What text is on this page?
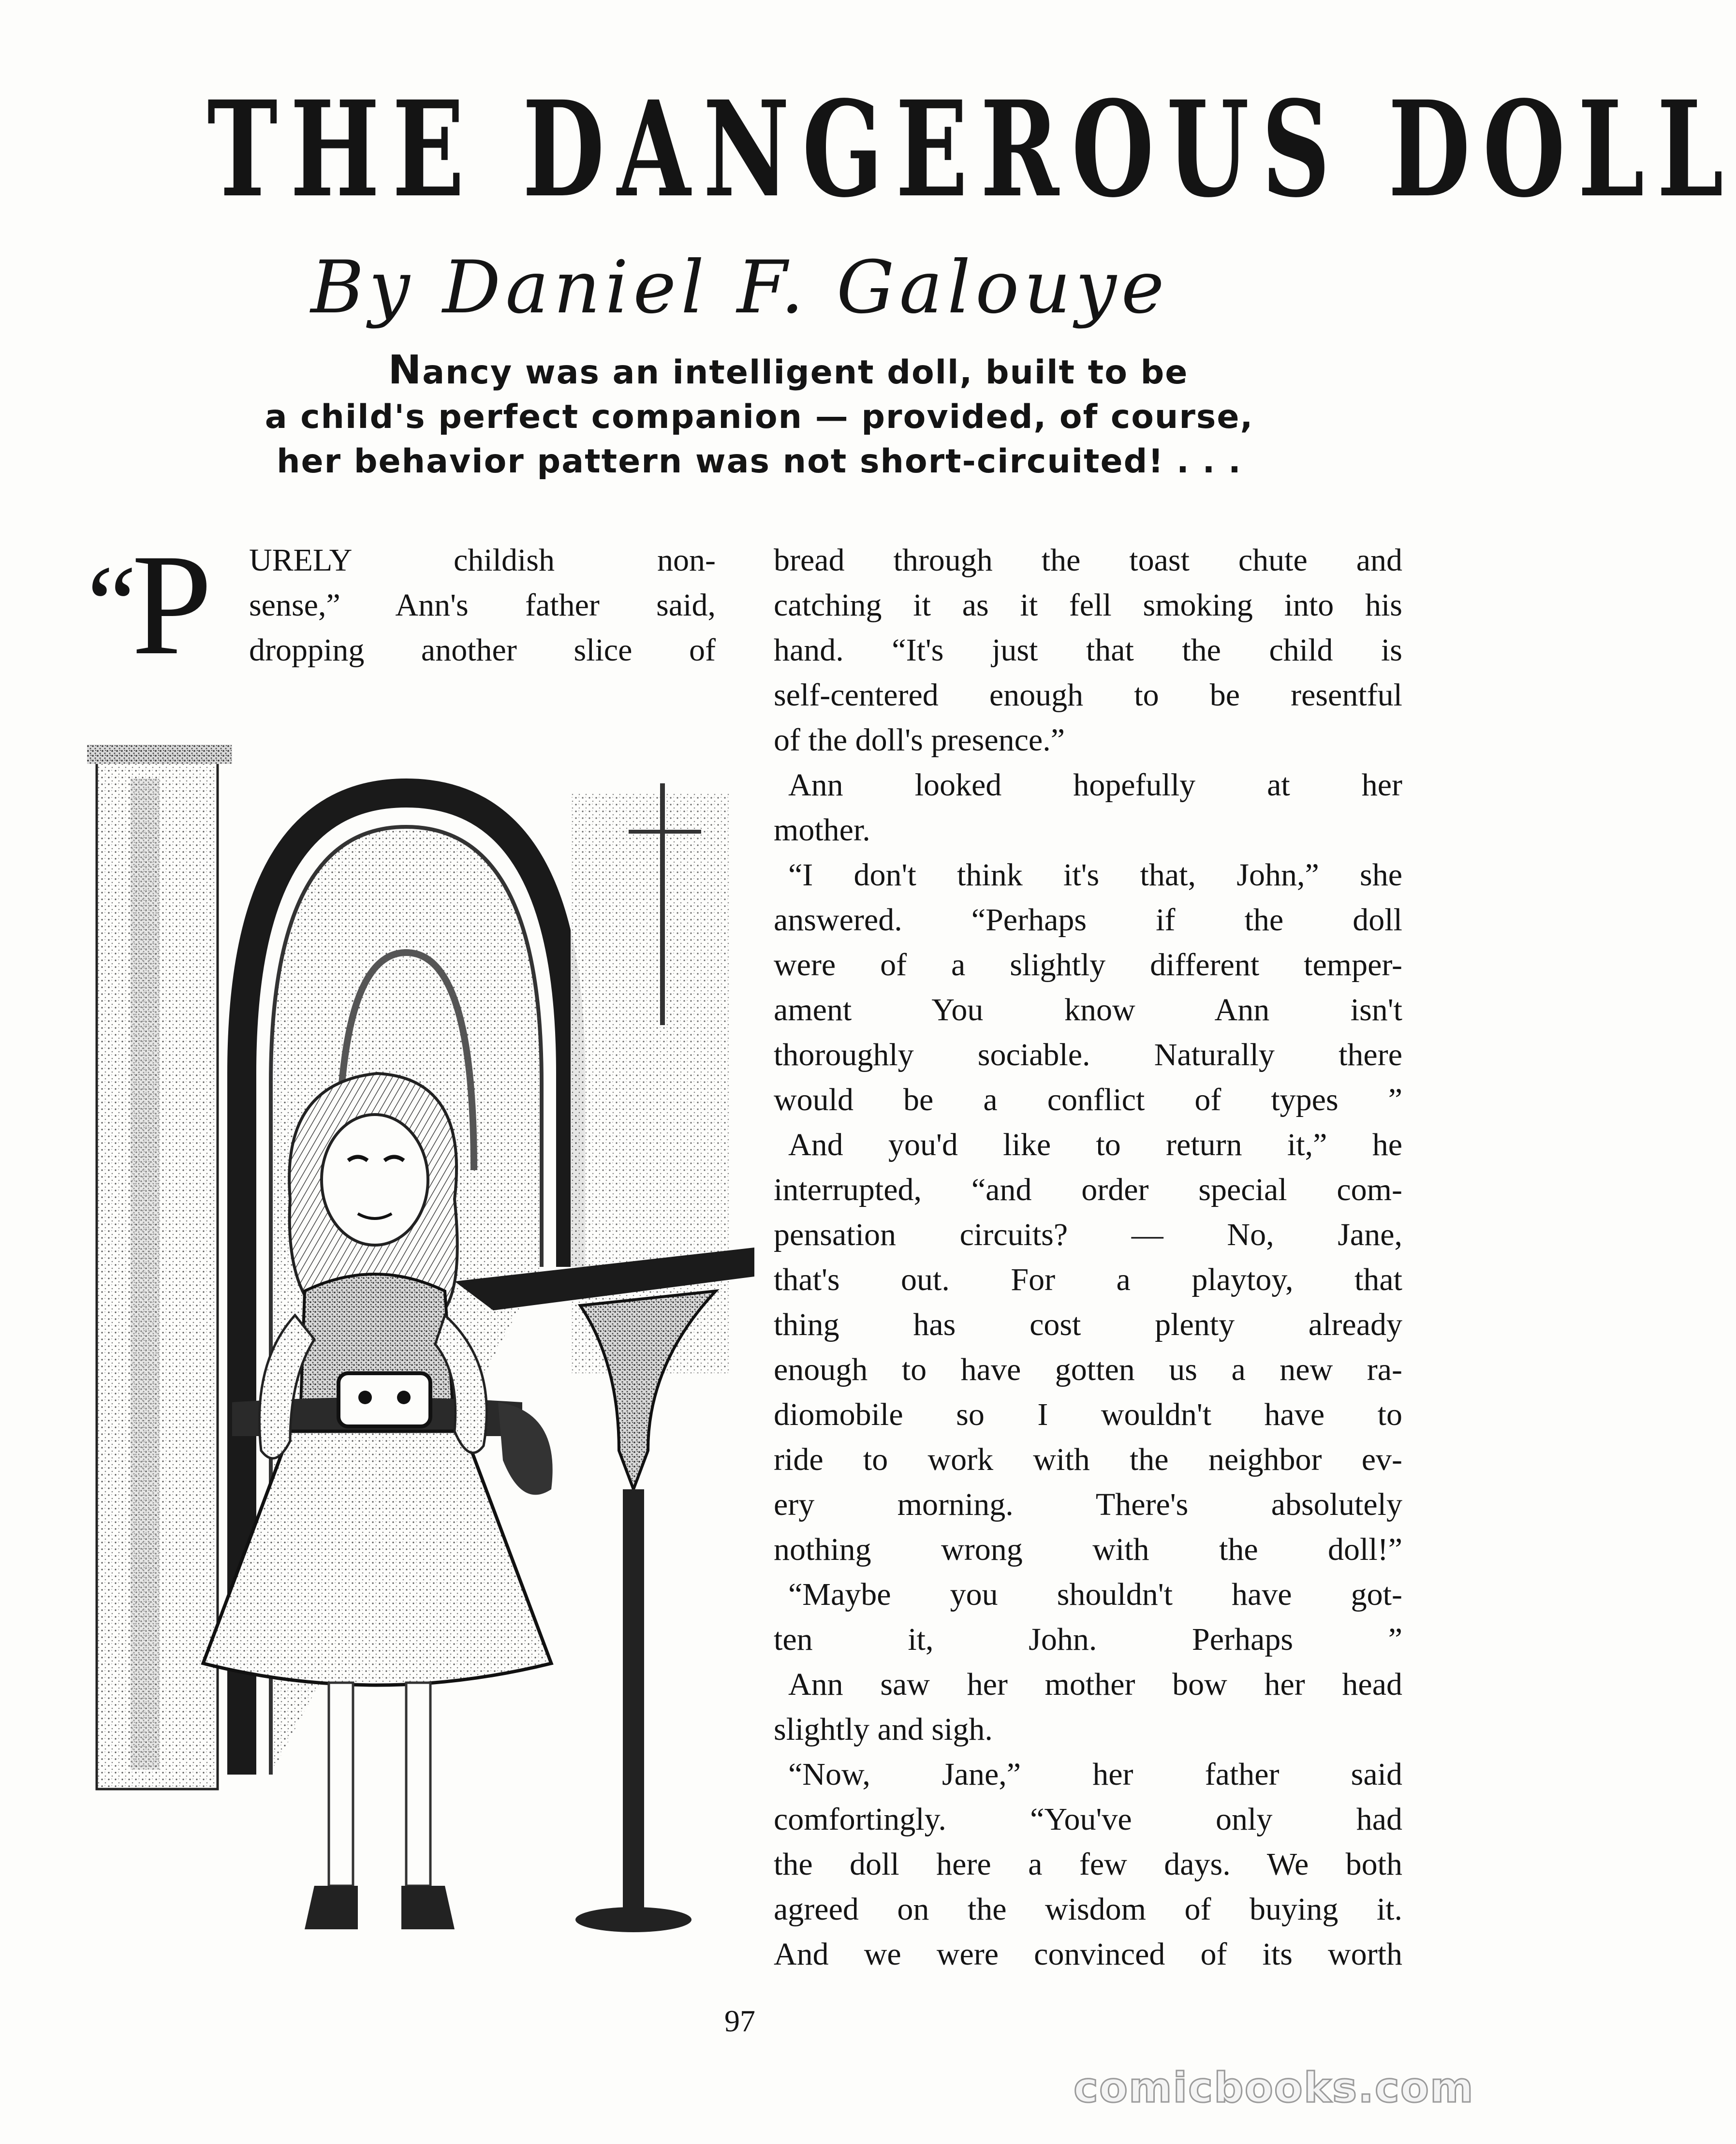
THE DANGEROUS DOLL

By Daniel F. Galouye

Nancy was an intelligent doll, built to be
a child's perfect companion — provided, of course,
her behavior pattern was not short-circuited! . . .

“P URELY childish non-
sense,” Ann's father said,
dropping another slice of
bread through the toast chute and
catching it as it fell smoking into his
hand. “It's just that the child is
self-centered enough to be resentful
of the doll's presence.”
Ann looked hopefully at her
mother.
“I don't think it's that, John,” she
answered. “Perhaps if the doll
were of a slightly different temper-
ament You know Ann isn't
thoroughly sociable. Naturally there
would be a conflict of types ”
And you'd like to return it,” he
interrupted, “and order special com-
pensation circuits? — No, Jane,
that's out. For a playtoy, that
thing has cost plenty already
enough to have gotten us a new ra-
diomobile so I wouldn't have to
ride to work with the neighbor ev-
ery morning. There's absolutely
nothing wrong with the doll!”
“Maybe you shouldn't have got-
ten it, John. Perhaps ”
Ann saw her mother bow her head
slightly and sigh.
“Now, Jane,” her father said
comfortingly. “You've only had
the doll here a few days. We both
agreed on the wisdom of buying it.
And we were convinced of its worth
97
comicbooks.com
